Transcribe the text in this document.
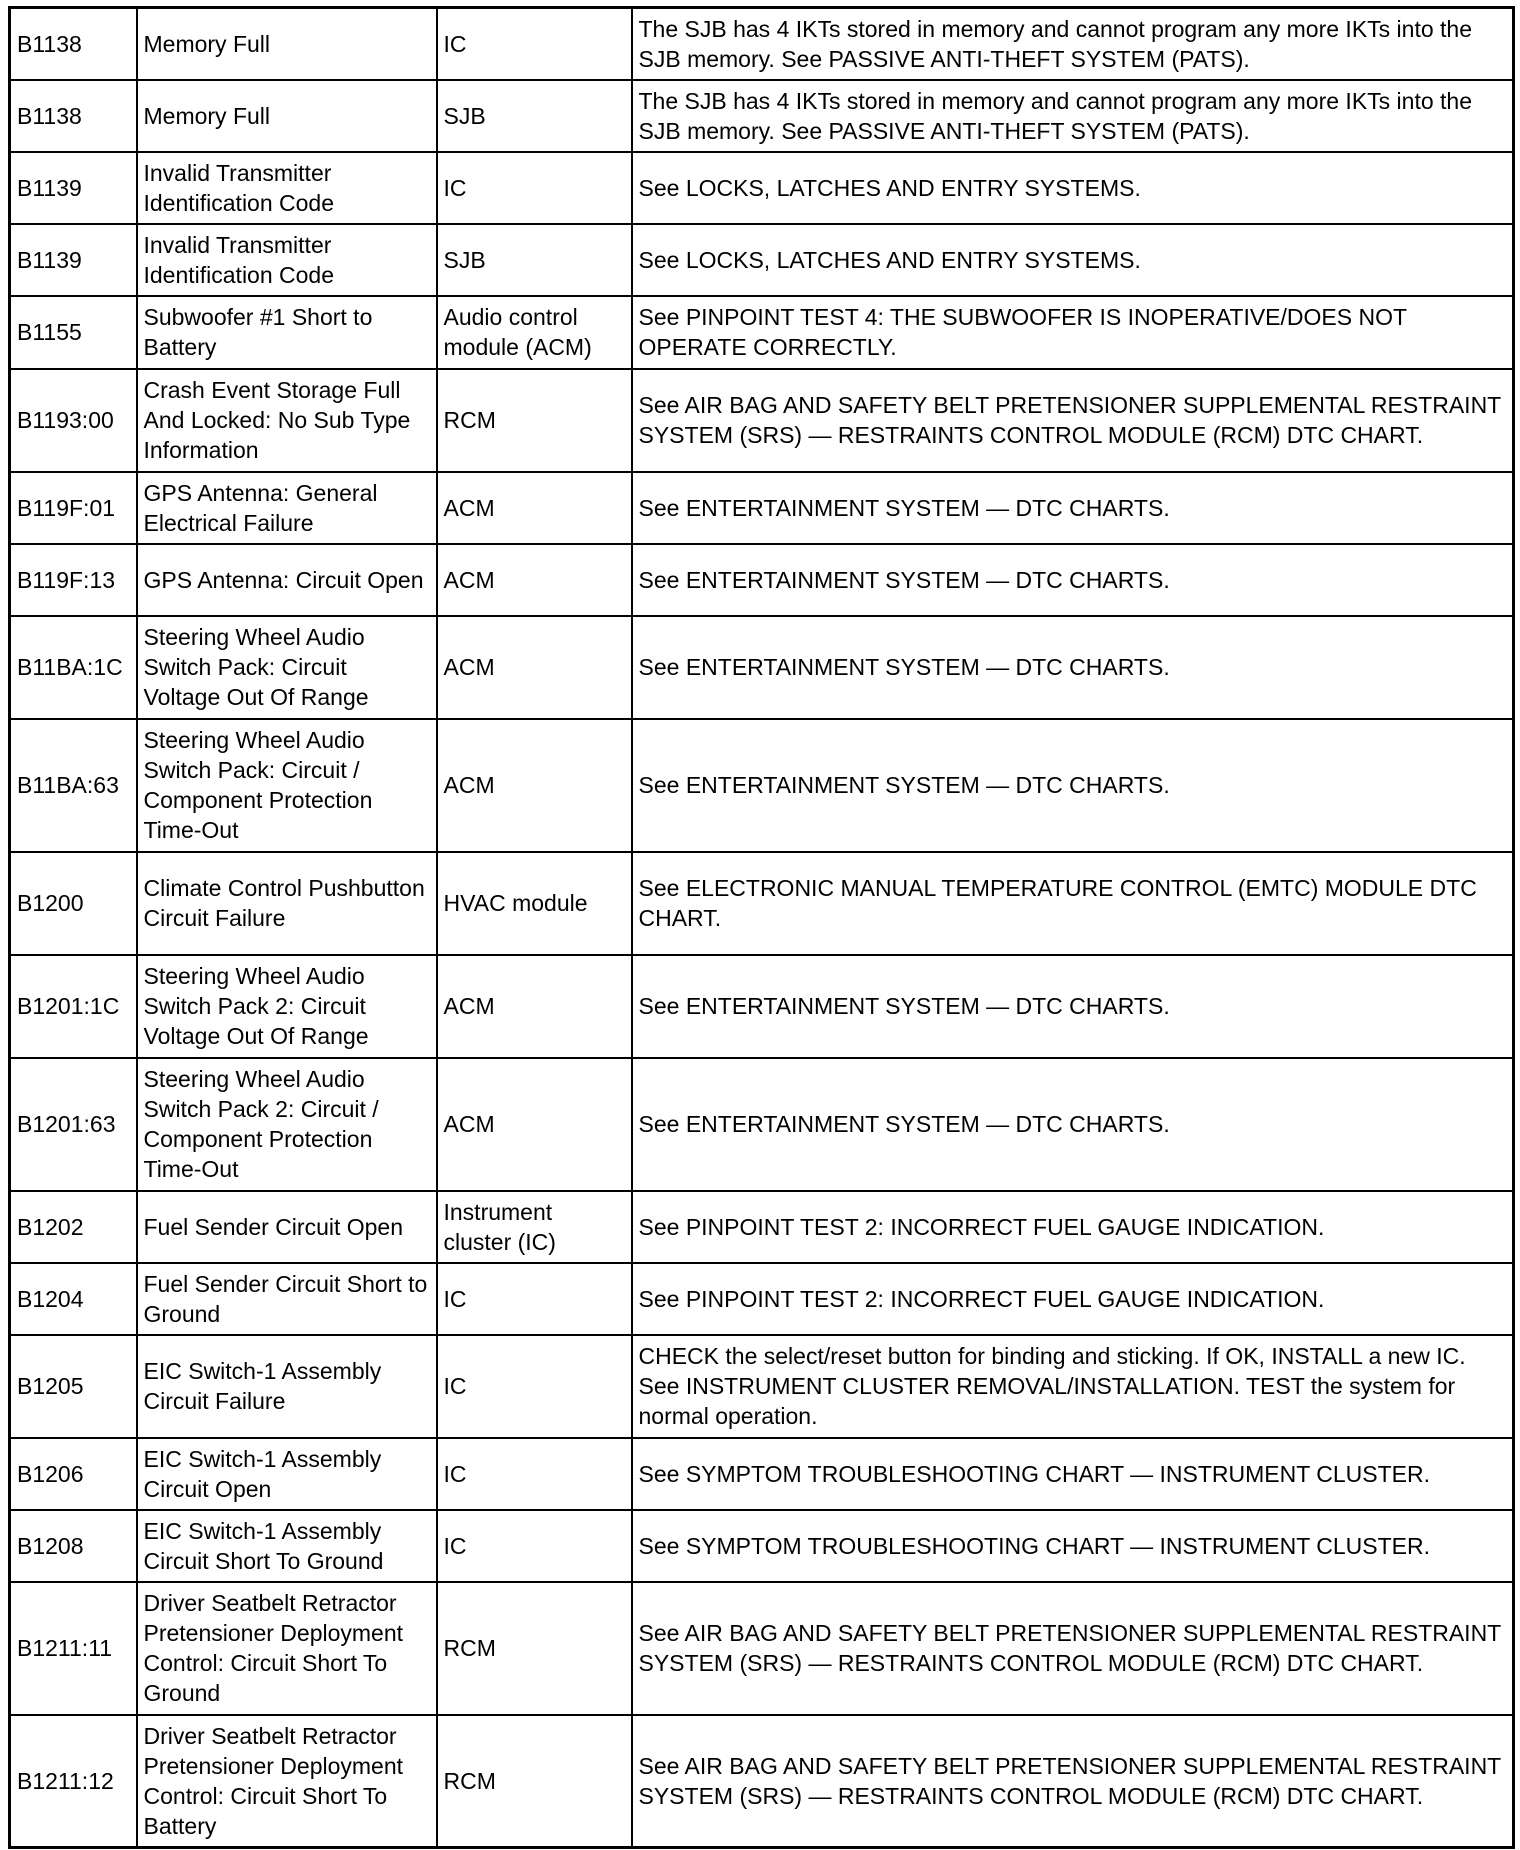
B1138	Memory Full	IC	The SJB has 4 IKTs stored in memory and cannot program any more IKTs into the SJB memory. See PASSIVE ANTI-THEFT SYSTEM (PATS).
B1138	Memory Full	SJB	The SJB has 4 IKTs stored in memory and cannot program any more IKTs into the SJB memory. See PASSIVE ANTI-THEFT SYSTEM (PATS).
B1139	Invalid Transmitter Identification Code	IC	See LOCKS, LATCHES AND ENTRY SYSTEMS.
B1139	Invalid Transmitter Identification Code	SJB	See LOCKS, LATCHES AND ENTRY SYSTEMS.
B1155	Subwoofer #1 Short to Battery	Audio control module (ACM)	See PINPOINT TEST 4: THE SUBWOOFER IS INOPERATIVE/DOES NOT OPERATE CORRECTLY.
B1193:00	Crash Event Storage Full And Locked: No Sub Type Information	RCM	See AIR BAG AND SAFETY BELT PRETENSIONER SUPPLEMENTAL RESTRAINT SYSTEM (SRS) — RESTRAINTS CONTROL MODULE (RCM) DTC CHART.
B119F:01	GPS Antenna: General Electrical Failure	ACM	See ENTERTAINMENT SYSTEM — DTC CHARTS.
B119F:13	GPS Antenna: Circuit Open	ACM	See ENTERTAINMENT SYSTEM — DTC CHARTS.
B11BA:1C	Steering Wheel Audio Switch Pack: Circuit Voltage Out Of Range	ACM	See ENTERTAINMENT SYSTEM — DTC CHARTS.
B11BA:63	Steering Wheel Audio Switch Pack: Circuit / Component Protection Time-Out	ACM	See ENTERTAINMENT SYSTEM — DTC CHARTS.
B1200	Climate Control Pushbutton Circuit Failure	HVAC module	See ELECTRONIC MANUAL TEMPERATURE CONTROL (EMTC) MODULE DTC CHART.
B1201:1C	Steering Wheel Audio Switch Pack 2: Circuit Voltage Out Of Range	ACM	See ENTERTAINMENT SYSTEM — DTC CHARTS.
B1201:63	Steering Wheel Audio Switch Pack 2: Circuit / Component Protection Time-Out	ACM	See ENTERTAINMENT SYSTEM — DTC CHARTS.
B1202	Fuel Sender Circuit Open	Instrument cluster (IC)	See PINPOINT TEST 2: INCORRECT FUEL GAUGE INDICATION.
B1204	Fuel Sender Circuit Short to Ground	IC	See PINPOINT TEST 2: INCORRECT FUEL GAUGE INDICATION.
B1205	EIC Switch-1 Assembly Circuit Failure	IC	CHECK the select/reset button for binding and sticking. If OK, INSTALL a new IC. See INSTRUMENT CLUSTER REMOVAL/INSTALLATION. TEST the system for normal operation.
B1206	EIC Switch-1 Assembly Circuit Open	IC	See SYMPTOM TROUBLESHOOTING CHART — INSTRUMENT CLUSTER.
B1208	EIC Switch-1 Assembly Circuit Short To Ground	IC	See SYMPTOM TROUBLESHOOTING CHART — INSTRUMENT CLUSTER.
B1211:11	Driver Seatbelt Retractor Pretensioner Deployment Control: Circuit Short To Ground	RCM	See AIR BAG AND SAFETY BELT PRETENSIONER SUPPLEMENTAL RESTRAINT SYSTEM (SRS) — RESTRAINTS CONTROL MODULE (RCM) DTC CHART.
B1211:12	Driver Seatbelt Retractor Pretensioner Deployment Control: Circuit Short To Battery	RCM	See AIR BAG AND SAFETY BELT PRETENSIONER SUPPLEMENTAL RESTRAINT SYSTEM (SRS) — RESTRAINTS CONTROL MODULE (RCM) DTC CHART.
